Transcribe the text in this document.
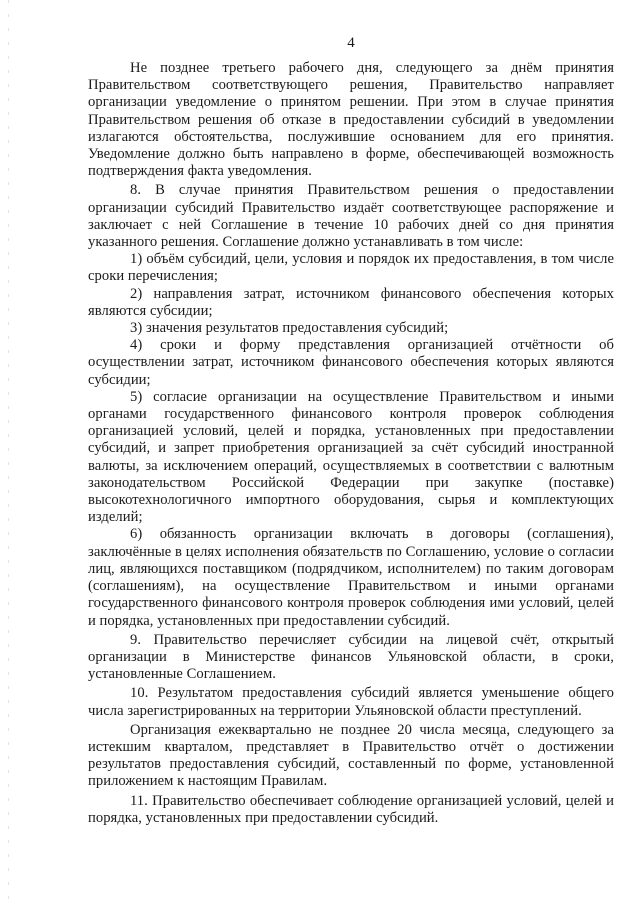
4

Не позднее третьего рабочего дня, следующего за днём принятия Правительством соответствующего решения, Правительство направляет организации уведомление о принятом решении. При этом в случае принятия Правительством решения об отказе в предоставлении субсидий в уведомлении излагаются обстоятельства, послужившие основанием для его принятия. Уведомление должно быть направлено в форме, обеспечивающей возможность подтверждения факта уведомления.

8. В случае принятия Правительством решения о предоставлении организации субсидий Правительство издаёт соответствующее распоряжение и заключает с ней Соглашение в течение 10 рабочих дней со дня принятия указанного решения. Соглашение должно устанавливать в том числе:

1) объём субсидий, цели, условия и порядок их предоставления, в том числе сроки перечисления;

2) направления затрат, источником финансового обеспечения которых являются субсидии;

3) значения результатов предоставления субсидий;

4) сроки и форму представления организацией отчётности об осуществлении затрат, источником финансового обеспечения которых являются субсидии;

5) согласие организации на осуществление Правительством и иными органами государственного финансового контроля проверок соблюдения организацией условий, целей и порядка, установленных при предоставлении субсидий, и запрет приобретения организацией за счёт субсидий иностранной валюты, за исключением операций, осуществляемых в соответствии с валютным законодательством Российской Федерации при закупке (поставке) высокотехнологичного импортного оборудования, сырья и комплектующих изделий;

6) обязанность организации включать в договоры (соглашения), заключённые в целях исполнения обязательств по Соглашению, условие о согласии лиц, являющихся поставщиком (подрядчиком, исполнителем) по таким договорам (соглашениям), на осуществление Правительством и иными органами государственного финансового контроля проверок соблюдения ими условий, целей и порядка, установленных при предоставлении субсидий.

9. Правительство перечисляет субсидии на лицевой счёт, открытый организации в Министерстве финансов Ульяновской области, в сроки, установленные Соглашением.

10. Результатом предоставления субсидий является уменьшение общего числа зарегистрированных на территории Ульяновской области преступлений.

Организация ежеквартально не позднее 20 числа месяца, следующего за истекшим кварталом, представляет в Правительство отчёт о достижении результатов предоставления субсидий, составленный по форме, установленной приложением к настоящим Правилам.

11. Правительство обеспечивает соблюдение организацией условий, целей и порядка, установленных при предоставлении субсидий.
